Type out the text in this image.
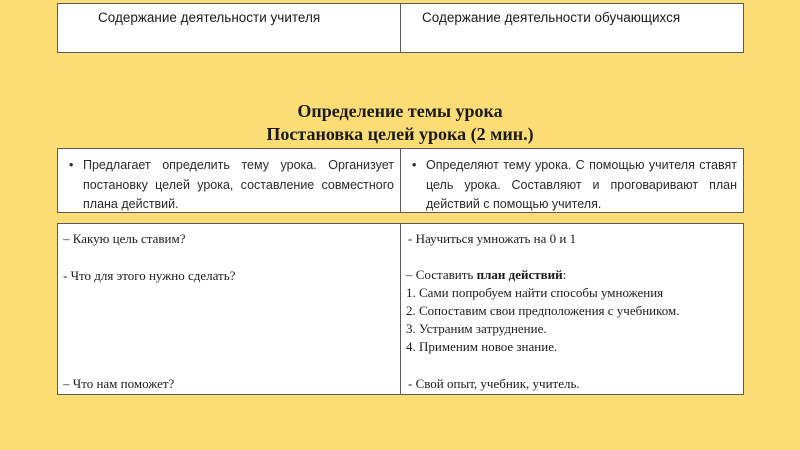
Содержание деятельности учителя	Содержание деятельности обучающихся
Определение темы урока
Постановка целей урока (2 мин.)
• Предлагает определить тему урока. Организует постановку целей урока, составление совместного плана действий.
• Определяют тему урока. С помощью учителя ставят цель урока. Составляют и проговаривают план действий с помощью учителя.
– Какую цель ставим?
- Что для этого нужно сделать?
– Что нам поможет?
- Научиться умножать на 0 и 1
– Составить план действий:
1. Сами попробуем найти способы умножения
2. Сопоставим свои предположения с учебником.
3. Устраним затруднение.
4. Применим новое знание.
- Свой опыт, учебник, учитель.
